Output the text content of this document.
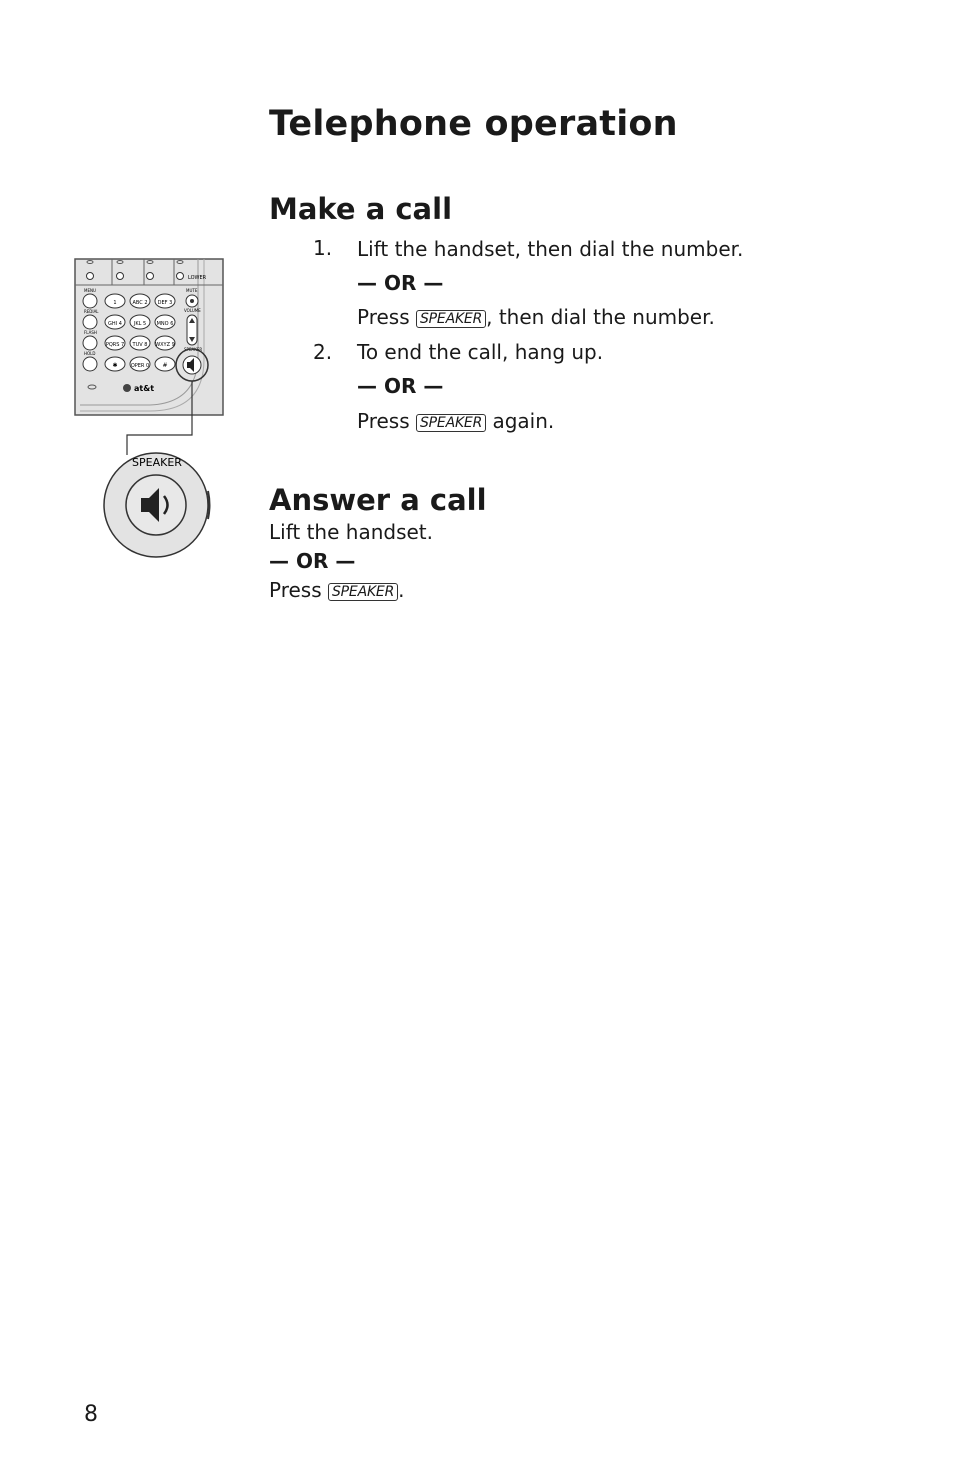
LOWER
MENU
REDIAL
FLASH
HOLD
1	ABC 2 DEF 3
GHI 4 JKL 5 MNO 6
PQRS 7 TUV 8 WXYZ 9
✱	OPER 0 #
MUTE
VOLUME
SPEAKER
at&t
SPEAKER
Telephone operation
Make a call
1. Lift the handset, then dial the number.
— OR —
Press SPEAKER , then dial the number.
2. To end the call, hang up.
— OR —
Press SPEAKER again.
Answer a call
Lift the handset.
— OR —
Press SPEAKER .
8
